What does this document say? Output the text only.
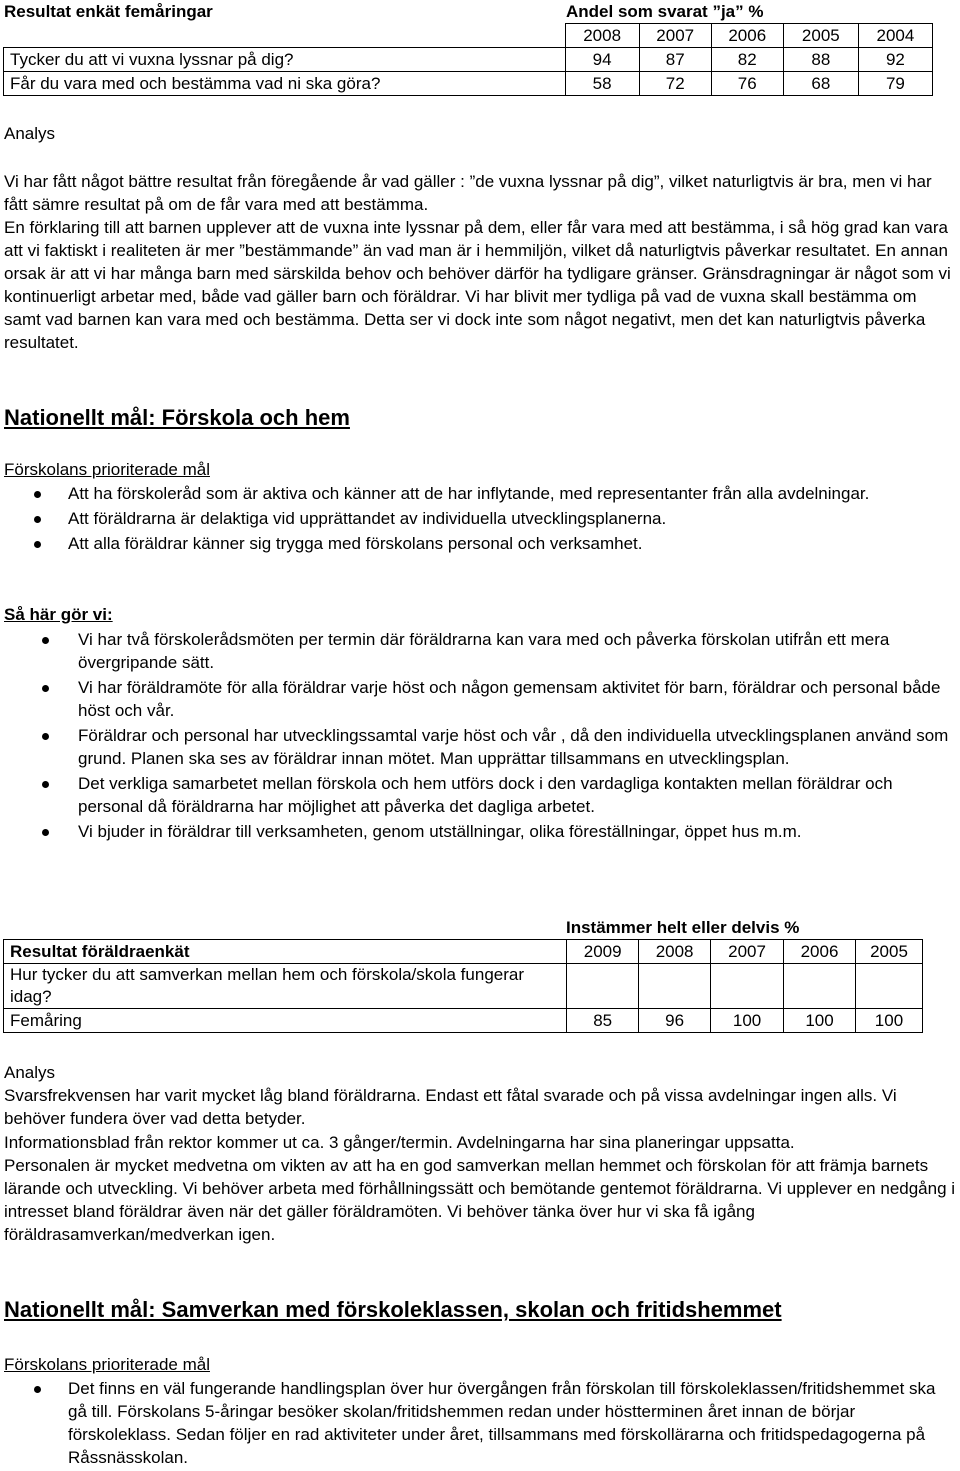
Resultat enkät femåringar	Andel som svarat ”ja” %
	2008	2007	2006	2005	2004
Tycker du att vi vuxna lyssnar på dig?	94	87	82	88	92
Får du vara med och bestämma vad ni ska göra?	58	72	76	68	79
Analys

Vi har fått något bättre resultat från föregående år vad gäller : ”de vuxna lyssnar på dig”, vilket naturligtvis är bra, men vi har fått sämre resultat på om de får vara med att bestämma.

En förklaring till att barnen upplever att de vuxna inte lyssnar på dem, eller får vara med att bestämma, i så hög grad kan vara att vi faktiskt i realiteten är mer ”bestämmande” än vad man är i hemmiljön, vilket då naturligtvis påverkar resultatet. En annan orsak är att vi har många barn med särskilda behov och behöver därför ha tydligare gränser. Gränsdragningar är något som vi kontinuerligt arbetar med, både vad gäller barn och föräldrar. Vi har blivit mer tydliga på vad de vuxna skall bestämma om samt vad barnen kan vara med och bestämma. Detta ser vi dock inte som något negativt, men det kan naturligtvis påverka resultatet.

Nationellt mål: Förskola och hem
Förskolans prioriterade mål
Att ha förskoleråd som är aktiva och känner att de har inflytande, med representanter från alla avdelningar.
Att föräldrarna är delaktiga vid upprättandet av individuella utvecklingsplanerna.
Att alla föräldrar känner sig trygga med förskolans personal och verksamhet.
Så här gör vi:
Vi har två förskolerådsmöten per termin där föräldrarna kan vara med och påverka förskolan utifrån ett mera övergripande sätt.
Vi har föräldramöte för alla föräldrar varje höst och någon gemensam aktivitet för barn, föräldrar och personal både höst och vår.
Föräldrar och personal har utvecklingssamtal varje höst och vår , då den individuella utvecklingsplanen använd som grund. Planen ska ses av föräldrar innan mötet. Man upprättar tillsammans en utvecklingsplan.
Det verkliga samarbetet mellan förskola och hem utförs dock i den vardagliga kontakten mellan föräldrar och personal då föräldrarna har möjlighet att påverka det dagliga arbetet.
Vi bjuder in föräldrar till verksamheten, genom utställningar, olika föreställningar, öppet hus m.m.
Instämmer helt eller delvis %
Resultat föräldraenkät	2009	2008	2007	2006	2005
Hur tycker du att samverkan mellan hem och förskola/skola fungerar idag?					
Femåring	85	96	100	100	100
Analys

Svarsfrekvensen har varit mycket låg bland föräldrarna. Endast ett fåtal svarade och på vissa avdelningar ingen alls. Vi behöver fundera över vad detta betyder.

Informationsblad från rektor kommer ut ca. 3 gånger/termin. Avdelningarna har sina planeringar uppsatta.

Personalen är mycket medvetna om vikten av att ha en god samverkan mellan hemmet och förskolan för att främja barnets lärande och utveckling. Vi behöver arbeta med förhållningssätt och bemötande gentemot föräldrarna. Vi upplever en nedgång i intresset bland föräldrar även när det gäller föräldramöten. Vi behöver tänka över hur vi ska få igång föräldrasamverkan/medverkan igen.

Nationellt mål: Samverkan med förskoleklassen, skolan och fritidshemmet
Förskolans prioriterade mål
Det finns en väl fungerande handlingsplan över hur övergången från förskolan till förskoleklassen/fritidshemmet ska gå till. Förskolans 5-åringar besöker skolan/fritidshemmen redan under höstterminen året innan de börjar förskoleklass. Sedan följer en rad aktiviteter under året, tillsammans med förskollärarna och fritidspedagogerna på Råssnässkolan.
